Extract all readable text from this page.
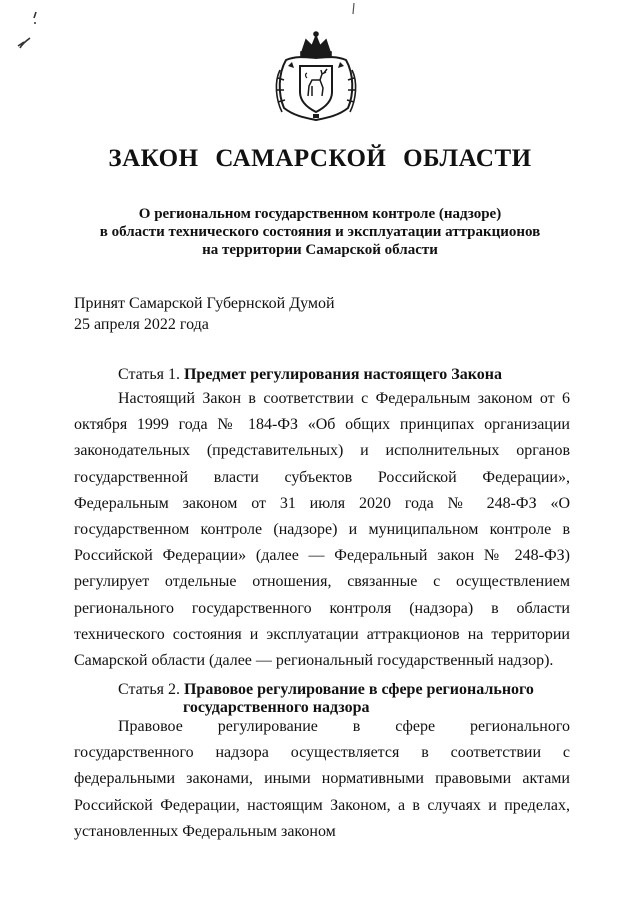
ЗАКОН САМАРСКОЙ ОБЛАСТИ
О региональном государственном контроле (надзоре)
в области технического состояния и эксплуатации аттракционов
на территории Самарской области
Принят Самарской Губернской Думой
25 апреля 2022 года
Статья 1. Предмет регулирования настоящего Закона

Настоящий Закон в соответствии с Федеральным законом от 6 октября 1999 года № 184-ФЗ «Об общих принципах организации законодательных (представительных) и исполнительных органов государственной власти субъектов Российской Федерации», Федеральным законом от 31 июля 2020 года № 248-ФЗ «О государственном контроле (надзоре) и муниципальном контроле в Российской Федерации» (далее — Федеральный закон № 248-ФЗ) регулирует отдельные отношения, связанные с осуществлением регионального государственного контроля (надзора) в области технического состояния и эксплуатации аттракционов на территории Самарской области (далее — региональный государственный надзор).

Статья 2. Правовое регулирование в сфере регионального
государственного надзора

Правовое регулирование в сфере регионального государственного надзора осуществляется в соответствии с федеральными законами, иными нормативными правовыми актами Российской Федерации, настоящим Законом, а в случаях и пределах, установленных Федеральным законом
